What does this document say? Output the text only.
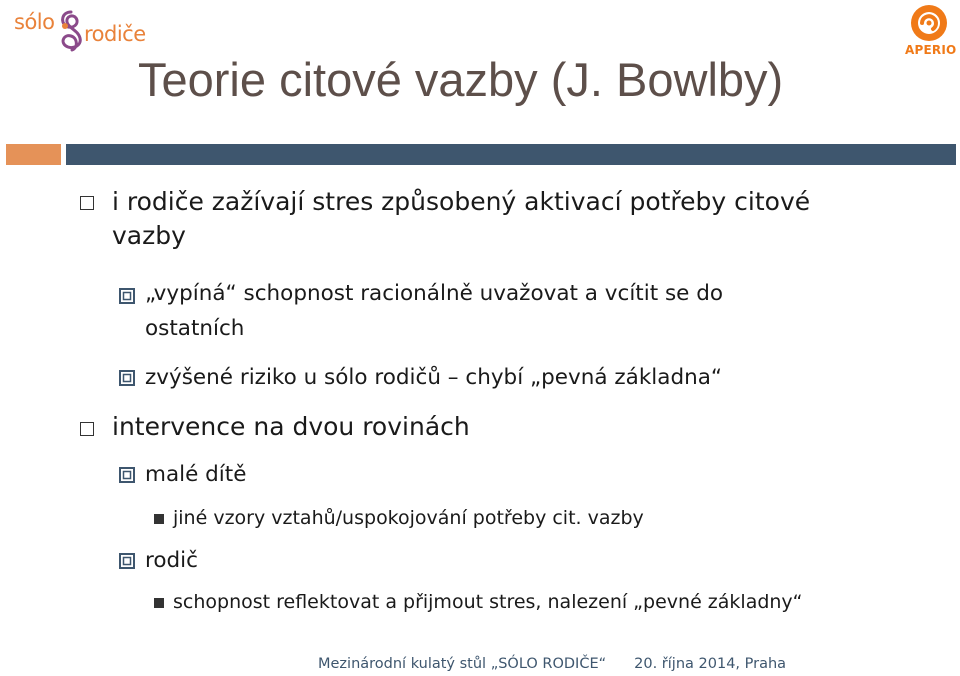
sólo rodiče
APERIO
Teorie citové vazby (J. Bowlby)
i rodiče zažívají stres způsobený aktivací potřeby citové
vazby
„vypíná“ schopnost racionálně uvažovat a vcítit se do
ostatních
zvýšené riziko u sólo rodičů – chybí „pevná základna“
intervence na dvou rovinách
malé dítě
jiné vzory vztahů/uspokojování potřeby cit. vazby
rodič
schopnost reflektovat a přijmout stres, nalezení „pevné základny“
Mezinárodní kulatý stůl „SÓLO RODIČE“ 20. října 2014, Praha
